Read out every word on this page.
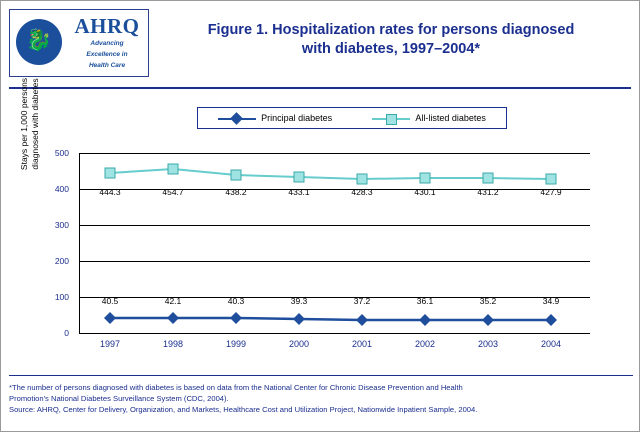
🐉
AHRQ
Advancing
Excellence in
Health Care
Figure 1. Hospitalization rates for persons diagnosed
with diabetes, 1997–2004*
Principal diabetes	All-listed diabetes
Stays per 1,000 persons diagnosed with diabetes	500
400
300
200
100
0
444.3	454.7	438.2	433.1	428.3	430.1	431.2	427.9
40.5	42.1	40.3	39.3	37.2	36.1	35.2	34.9
1997	1998	1999	2000	2001	2002	2003	2004
*The number of persons diagnosed with diabetes is based on data from the National Center for Chronic Disease Prevention and Health
Promotion's National Diabetes Surveillance System (CDC, 2004).
Source: AHRQ, Center for Delivery, Organization, and Markets, Healthcare Cost and Utilization Project, Nationwide Inpatient Sample, 2004.
